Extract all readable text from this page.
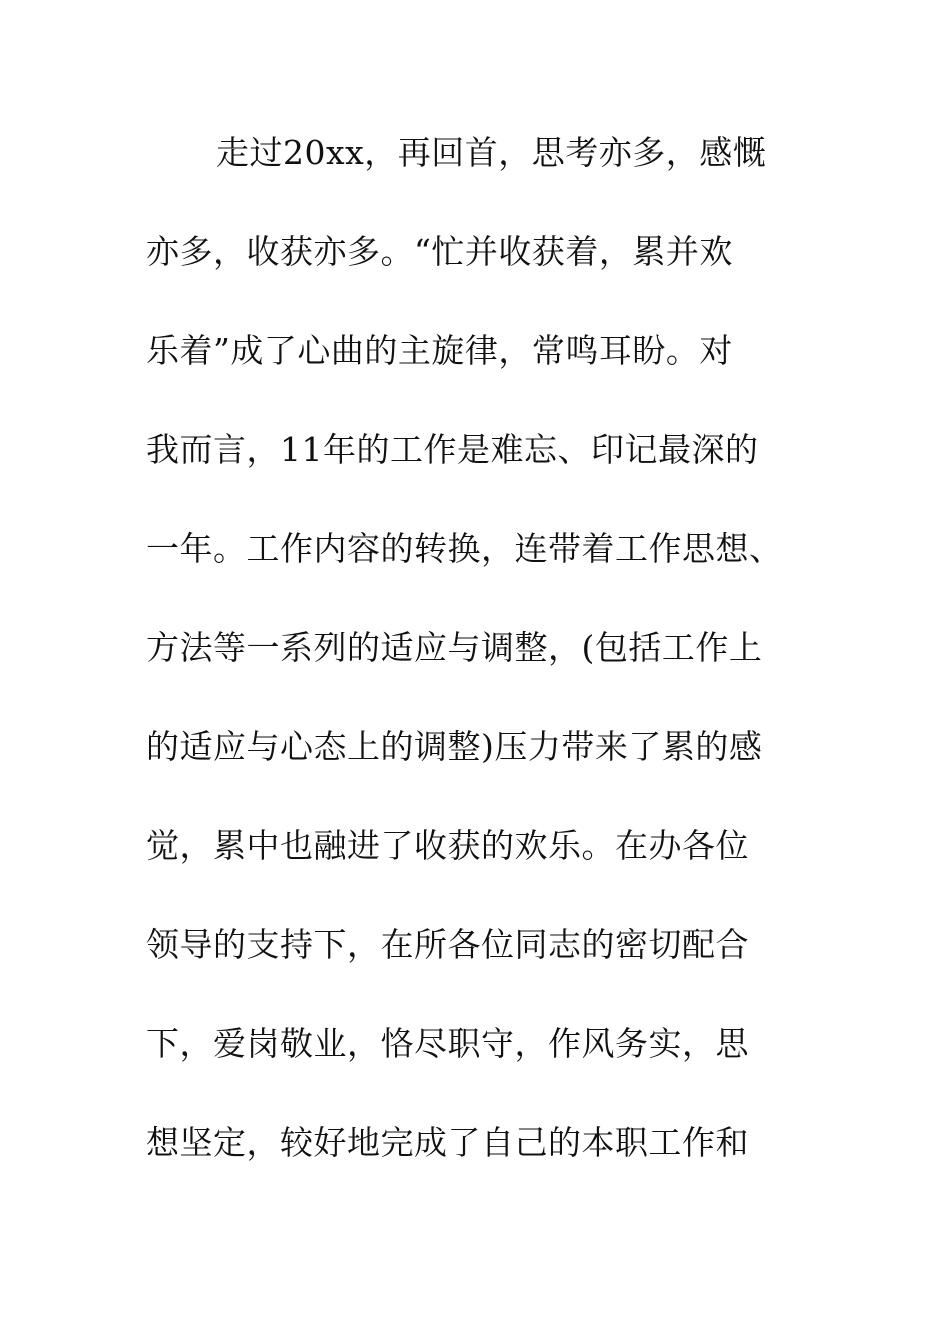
走过20xx，再回首，思考亦多，感慨
亦多，收获亦多。“忙并收获着，累并欢
乐着”成了心曲的主旋律，常鸣耳盼。对
我而言，11年的工作是难忘、印记最深的
一年。工作内容的转换，连带着工作思想、
方法等一系列的适应与调整，(包括工作上
的适应与心态上的调整)压力带来了累的感
觉，累中也融进了收获的欢乐。在办各位
领导的支持下，在所各位同志的密切配合
下，爱岗敬业，恪尽职守，作风务实，思
想坚定，较好地完成了自己的本职工作和
